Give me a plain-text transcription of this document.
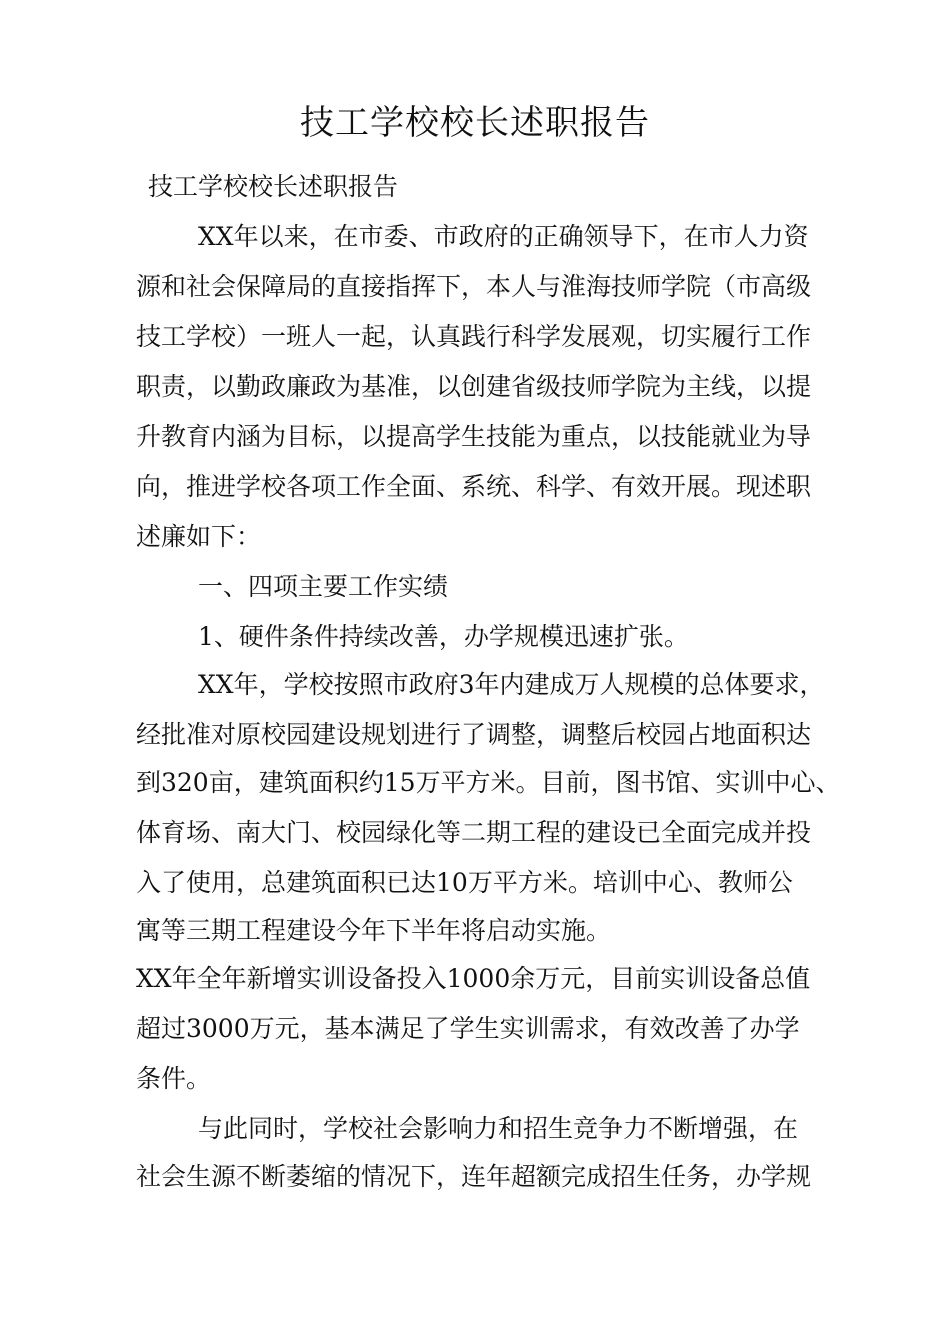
技工学校校长述职报告
技工学校校长述职报告
XX年以来，在市委、市政府的正确领导下，在市人力资
源和社会保障局的直接指挥下，本人与淮海技师学院（市高级
技工学校）一班人一起，认真践行科学发展观，切实履行工作
职责，以勤政廉政为基准，以创建省级技师学院为主线，以提
升教育内涵为目标，以提高学生技能为重点，以技能就业为导
向，推进学校各项工作全面、系统、科学、有效开展。现述职
述廉如下：
一、四项主要工作实绩
1、硬件条件持续改善，办学规模迅速扩张。
XX年，学校按照市政府3年内建成万人规模的总体要求，
经批准对原校园建设规划进行了调整，调整后校园占地面积达
到320亩，建筑面积约15万平方米。目前，图书馆、实训中心、
体育场、南大门、校园绿化等二期工程的建设已全面完成并投
入了使用，总建筑面积已达10万平方米。培训中心、教师公
寓等三期工程建设今年下半年将启动实施。
XX年全年新增实训设备投入1000余万元，目前实训设备总值
超过3000万元，基本满足了学生实训需求，有效改善了办学
条件。
与此同时，学校社会影响力和招生竞争力不断增强，在
社会生源不断萎缩的情况下，连年超额完成招生任务，办学规
